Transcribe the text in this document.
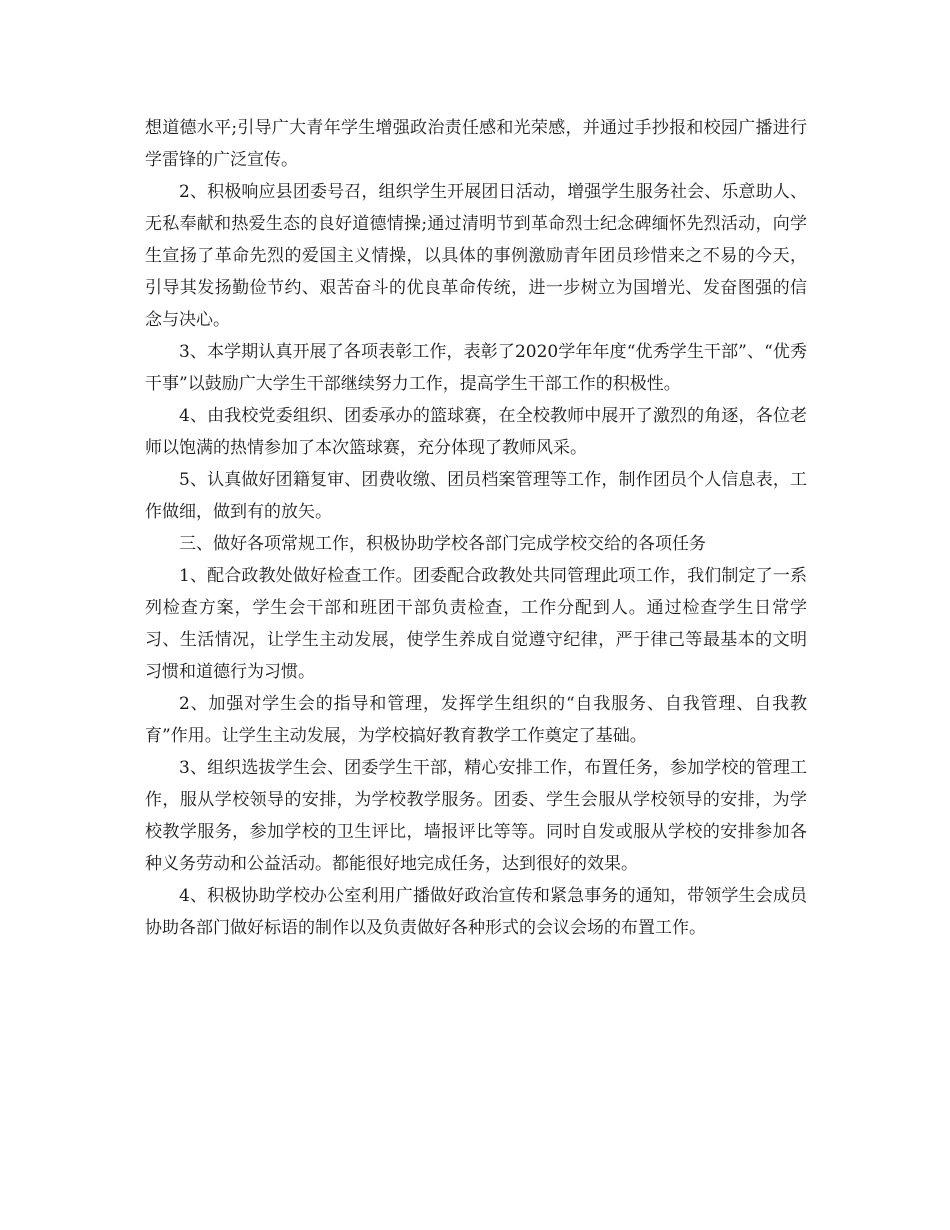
想道德水平;引导广大青年学生增强政治责任感和光荣感，并通过手抄报和校园广播进行学雷锋的广泛宣传。

2、积极响应县团委号召，组织学生开展团日活动，增强学生服务社会、乐意助人、无私奉献和热爱生态的良好道德情操;通过清明节到革命烈士纪念碑缅怀先烈活动，向学生宣扬了革命先烈的爱国主义情操，以具体的事例激励青年团员珍惜来之不易的今天，引导其发扬勤俭节约、艰苦奋斗的优良革命传统，进一步树立为国增光、发奋图强的信念与决心。

3、本学期认真开展了各项表彰工作，表彰了2020学年年度“优秀学生干部”、“优秀干事”以鼓励广大学生干部继续努力工作，提高学生干部工作的积极性。

4、由我校党委组织、团委承办的篮球赛，在全校教师中展开了激烈的角逐，各位老师以饱满的热情参加了本次篮球赛，充分体现了教师风采。

5、认真做好团籍复审、团费收缴、团员档案管理等工作，制作团员个人信息表，工作做细，做到有的放矢。

三、做好各项常规工作，积极协助学校各部门完成学校交给的各项任务

1、配合政教处做好检查工作。团委配合政教处共同管理此项工作，我们制定了一系列检查方案，学生会干部和班团干部负责检查，工作分配到人。通过检查学生日常学习、生活情况，让学生主动发展，使学生养成自觉遵守纪律，严于律己等最基本的文明习惯和道德行为习惯。

2、加强对学生会的指导和管理，发挥学生组织的“自我服务、自我管理、自我教育”作用。让学生主动发展，为学校搞好教育教学工作奠定了基础。

3、组织选拔学生会、团委学生干部，精心安排工作，布置任务，参加学校的管理工作，服从学校领导的安排，为学校教学服务。团委、学生会服从学校领导的安排，为学校教学服务，参加学校的卫生评比，墙报评比等等。同时自发或服从学校的安排参加各种义务劳动和公益活动。都能很好地完成任务，达到很好的效果。

4、积极协助学校办公室利用广播做好政治宣传和紧急事务的通知，带领学生会成员协助各部门做好标语的制作以及负责做好各种形式的会议会场的布置工作。
